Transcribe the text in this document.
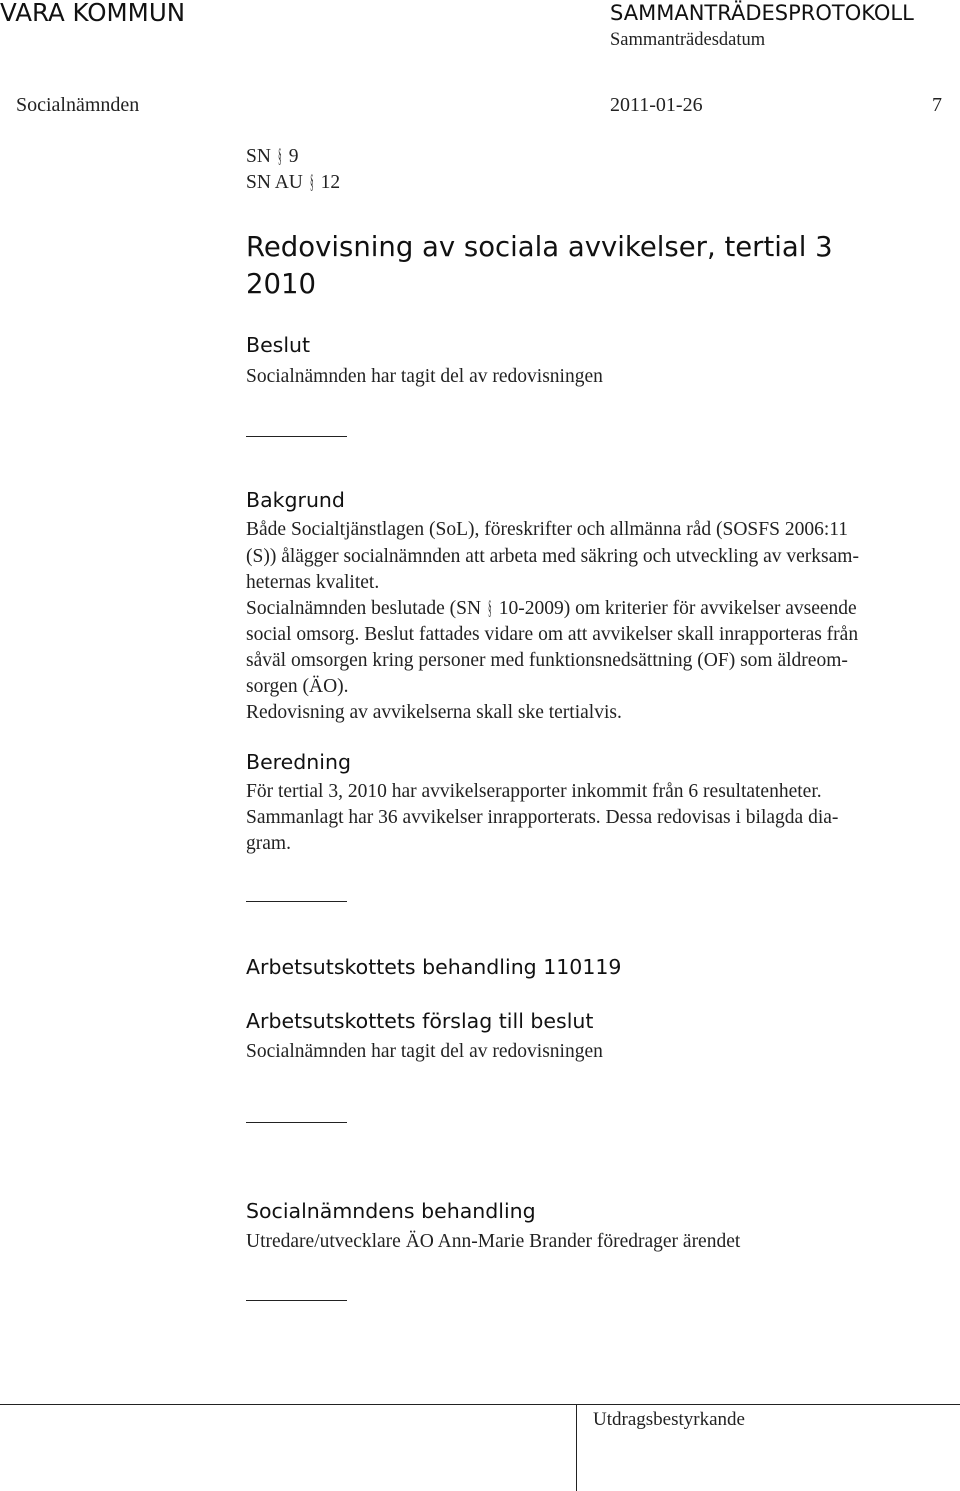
VARA KOMMUN	SAMMANTRÄDESPROTOKOLL
Sammanträdesdatum
Socialnämnden	2011-01-26	7
SN § 9
SN AU § 12
Redovisning av sociala avvikelser, tertial 3
2010
Beslut
Socialnämnden har tagit del av redovisningen
Bakgrund
Både Socialtjänstlagen (SoL), föreskrifter och allmänna råd (SOSFS 2006:11
(S)) ålägger socialnämnden att arbeta med säkring och utveckling av verksam-
heternas kvalitet.
Socialnämnden beslutade (SN § 10-2009) om kriterier för avvikelser avseende
social omsorg. Beslut fattades vidare om att avvikelser skall inrapporteras från
såväl omsorgen kring personer med funktionsnedsättning (OF) som äldreom-
sorgen (ÄO).
Redovisning av avvikelserna skall ske tertialvis.
Beredning
För tertial 3, 2010 har avvikelserapporter inkommit från 6 resultatenheter.
Sammanlagt har 36 avvikelser inrapporterats. Dessa redovisas i bilagda dia-
gram.
Arbetsutskottets behandling 110119
Arbetsutskottets förslag till beslut
Socialnämnden har tagit del av redovisningen
Socialnämndens behandling
Utredare/utvecklare ÄO Ann-Marie Brander föredrager ärendet
Utdragsbestyrkande
